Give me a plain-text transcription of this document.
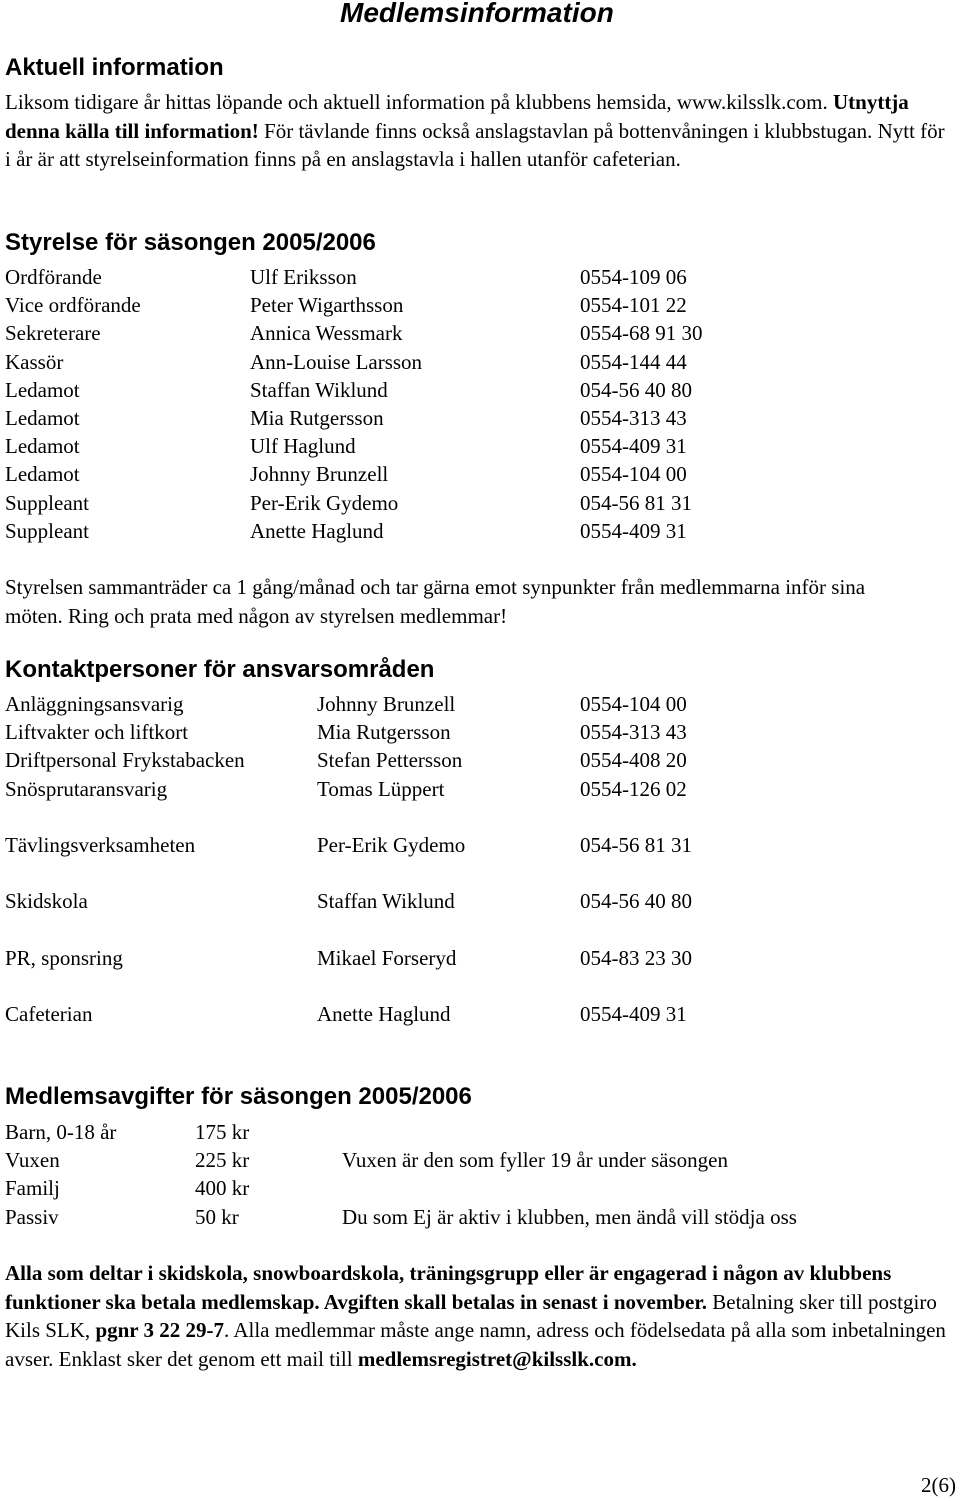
Medlemsinformation
Aktuell information

Liksom tidigare år hittas löpande och aktuell information på klubbens hemsida, www.kilsslk.com. Utnyttja denna källa till information! För tävlande finns också anslagstavlan på bottenvåningen i klubbstugan. Nytt för i år är att styrelseinformation finns på en anslagstavla i hallen utanför cafeterian.

Styrelse för säsongen 2005/2006
Ordförande	Ulf Eriksson	0554-109 06
Vice ordförande	Peter Wigarthsson	0554-101 22
Sekreterare	Annica Wessmark	0554-68 91 30
Kassör	Ann-Louise Larsson	0554-144 44
Ledamot	Staffan Wiklund	054-56 40 80
Ledamot	Mia Rutgersson	0554-313 43
Ledamot	Ulf Haglund	0554-409 31
Ledamot	Johnny Brunzell	0554-104 00
Suppleant	Per-Erik Gydemo	054-56 81 31
Suppleant	Anette Haglund	0554-409 31

Styrelsen sammanträder ca 1 gång/månad och tar gärna emot synpunkter från medlemmarna inför sina möten. Ring och prata med någon av styrelsen medlemmar!

Kontaktpersoner för ansvarsområden
Anläggningsansvarig	Johnny Brunzell	0554-104 00
Liftvakter och liftkort	Mia Rutgersson	0554-313 43
Driftpersonal Frykstabacken	Stefan Pettersson	0554-408 20
Snösprutaransvarig	Tomas Lüppert	0554-126 02
Tävlingsverksamheten	Per-Erik Gydemo	054-56 81 31
Skidskola	Staffan Wiklund	054-56 40 80
PR, sponsring	Mikael Forseryd	054-83 23 30
Cafeterian	Anette Haglund	0554-409 31
Medlemsavgifter för säsongen 2005/2006
Barn, 0-18 år	175 kr
Vuxen	225 kr	Vuxen är den som fyller 19 år under säsongen
Familj	400 kr
Passiv	50 kr	Du som Ej är aktiv i klubben, men ändå vill stödja oss

Alla som deltar i skidskola, snowboardskola, träningsgrupp eller är engagerad i någon av klubbens funktioner ska betala medlemskap. Avgiften skall betalas in senast i november. Betalning sker till postgiro Kils SLK, pgnr 3 22 29-7. Alla medlemmar måste ange namn, adress och födelsedata på alla som inbetalningen avser. Enklast sker det genom ett mail till medlemsregistret@kilsslk.com.

2(6)
